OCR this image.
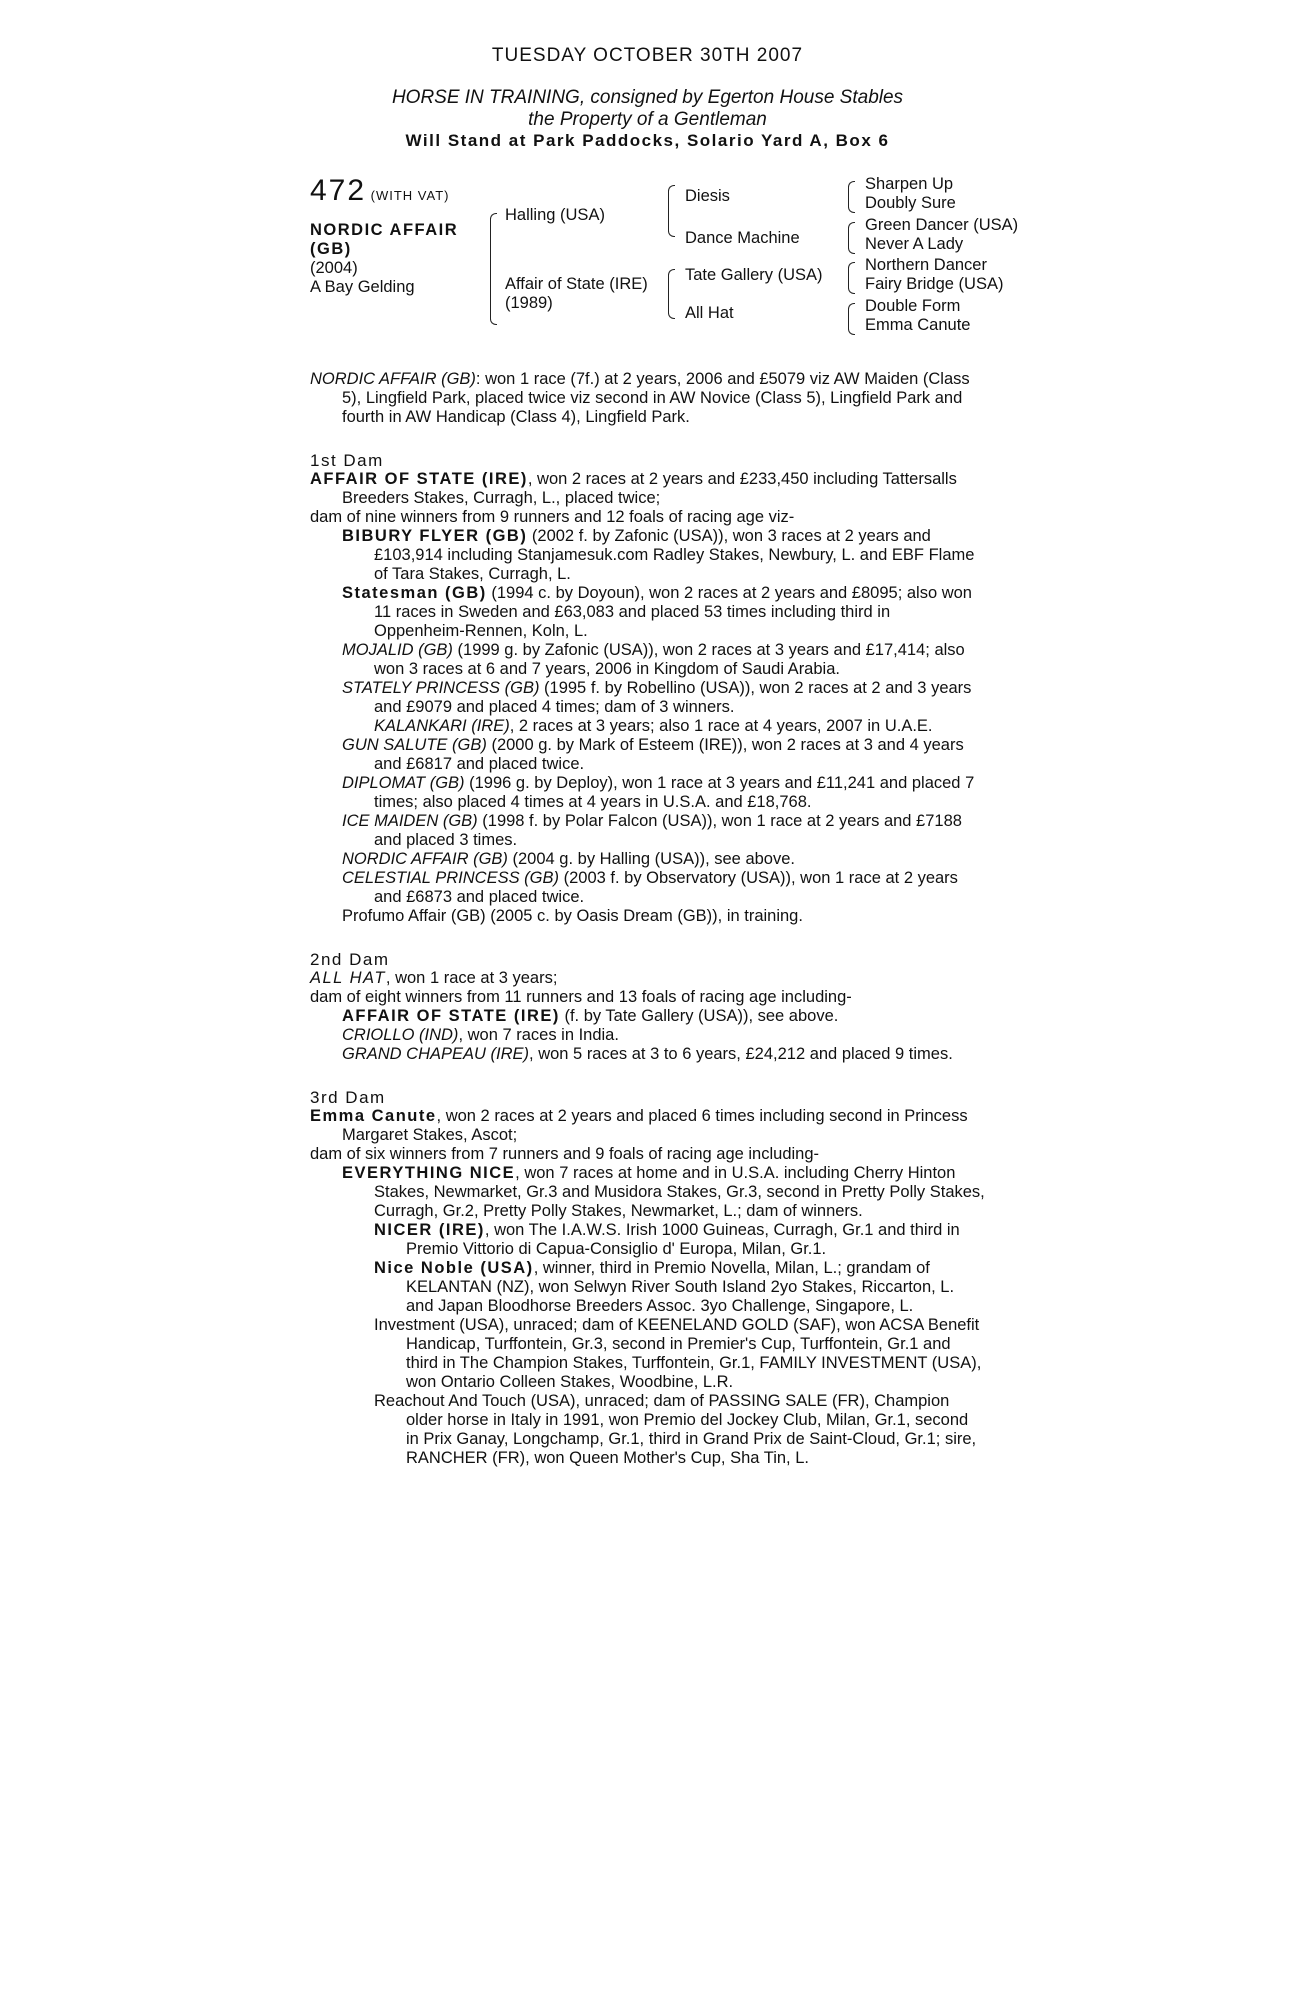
TUESDAY OCTOBER 30TH 2007
HORSE IN TRAINING, consigned by Egerton House Stables
the Property of a Gentleman
Will Stand at Park Paddocks, Solario Yard A, Box 6
472 (WITH VAT)
NORDIC AFFAIR
(GB)
(2004)
A Bay Gelding
Halling (USA)
Affair of State (IRE)
(1989)
Diesis
Dance Machine
Tate Gallery (USA)
All Hat
Sharpen Up
Doubly Sure
Green Dancer (USA)
Never A Lady
Northern Dancer
Fairy Bridge (USA)
Double Form
Emma Canute
NORDIC AFFAIR (GB): won 1 race (7f.) at 2 years, 2006 and £5079 viz AW Maiden (Class 5), Lingfield Park, placed twice viz second in AW Novice (Class 5), Lingfield Park and fourth in AW Handicap (Class 4), Lingfield Park.
1st Dam
AFFAIR OF STATE (IRE), won 2 races at 2 years and £233,450 including Tattersalls Breeders Stakes, Curragh, L., placed twice;
dam of nine winners from 9 runners and 12 foals of racing age viz-
BIBURY FLYER (GB) (2002 f. by Zafonic (USA)), won 3 races at 2 years and £103,914 including Stanjamesuk.com Radley Stakes, Newbury, L. and EBF Flame of Tara Stakes, Curragh, L.
Statesman (GB) (1994 c. by Doyoun), won 2 races at 2 years and £8095; also won 11 races in Sweden and £63,083 and placed 53 times including third in Oppenheim-Rennen, Koln, L.
MOJALID (GB) (1999 g. by Zafonic (USA)), won 2 races at 3 years and £17,414; also won 3 races at 6 and 7 years, 2006 in Kingdom of Saudi Arabia.
STATELY PRINCESS (GB) (1995 f. by Robellino (USA)), won 2 races at 2 and 3 years and £9079 and placed 4 times; dam of 3 winners.
KALANKARI (IRE), 2 races at 3 years; also 1 race at 4 years, 2007 in U.A.E.
GUN SALUTE (GB) (2000 g. by Mark of Esteem (IRE)), won 2 races at 3 and 4 years and £6817 and placed twice.
DIPLOMAT (GB) (1996 g. by Deploy), won 1 race at 3 years and £11,241 and placed 7 times; also placed 4 times at 4 years in U.S.A. and £18,768.
ICE MAIDEN (GB) (1998 f. by Polar Falcon (USA)), won 1 race at 2 years and £7188 and placed 3 times.
NORDIC AFFAIR (GB) (2004 g. by Halling (USA)), see above.
CELESTIAL PRINCESS (GB) (2003 f. by Observatory (USA)), won 1 race at 2 years and £6873 and placed twice.
Profumo Affair (GB) (2005 c. by Oasis Dream (GB)), in training.
2nd Dam
ALL HAT, won 1 race at 3 years;
dam of eight winners from 11 runners and 13 foals of racing age including-
AFFAIR OF STATE (IRE) (f. by Tate Gallery (USA)), see above.
CRIOLLO (IND), won 7 races in India.
GRAND CHAPEAU (IRE), won 5 races at 3 to 6 years, £24,212 and placed 9 times.
3rd Dam
Emma Canute, won 2 races at 2 years and placed 6 times including second in Princess Margaret Stakes, Ascot;
dam of six winners from 7 runners and 9 foals of racing age including-
EVERYTHING NICE, won 7 races at home and in U.S.A. including Cherry Hinton Stakes, Newmarket, Gr.3 and Musidora Stakes, Gr.3, second in Pretty Polly Stakes, Curragh, Gr.2, Pretty Polly Stakes, Newmarket, L.; dam of winners.
NICER (IRE), won The I.A.W.S. Irish 1000 Guineas, Curragh, Gr.1 and third in Premio Vittorio di Capua-Consiglio d' Europa, Milan, Gr.1.
Nice Noble (USA), winner, third in Premio Novella, Milan, L.; grandam of KELANTAN (NZ), won Selwyn River South Island 2yo Stakes, Riccarton, L. and Japan Bloodhorse Breeders Assoc. 3yo Challenge, Singapore, L.
Investment (USA), unraced; dam of KEENELAND GOLD (SAF), won ACSA Benefit Handicap, Turffontein, Gr.3, second in Premier's Cup, Turffontein, Gr.1 and third in The Champion Stakes, Turffontein, Gr.1, FAMILY INVESTMENT (USA), won Ontario Colleen Stakes, Woodbine, L.R.
Reachout And Touch (USA), unraced; dam of PASSING SALE (FR), Champion older horse in Italy in 1991, won Premio del Jockey Club, Milan, Gr.1, second in Prix Ganay, Longchamp, Gr.1, third in Grand Prix de Saint-Cloud, Gr.1; sire, RANCHER (FR), won Queen Mother's Cup, Sha Tin, L.
